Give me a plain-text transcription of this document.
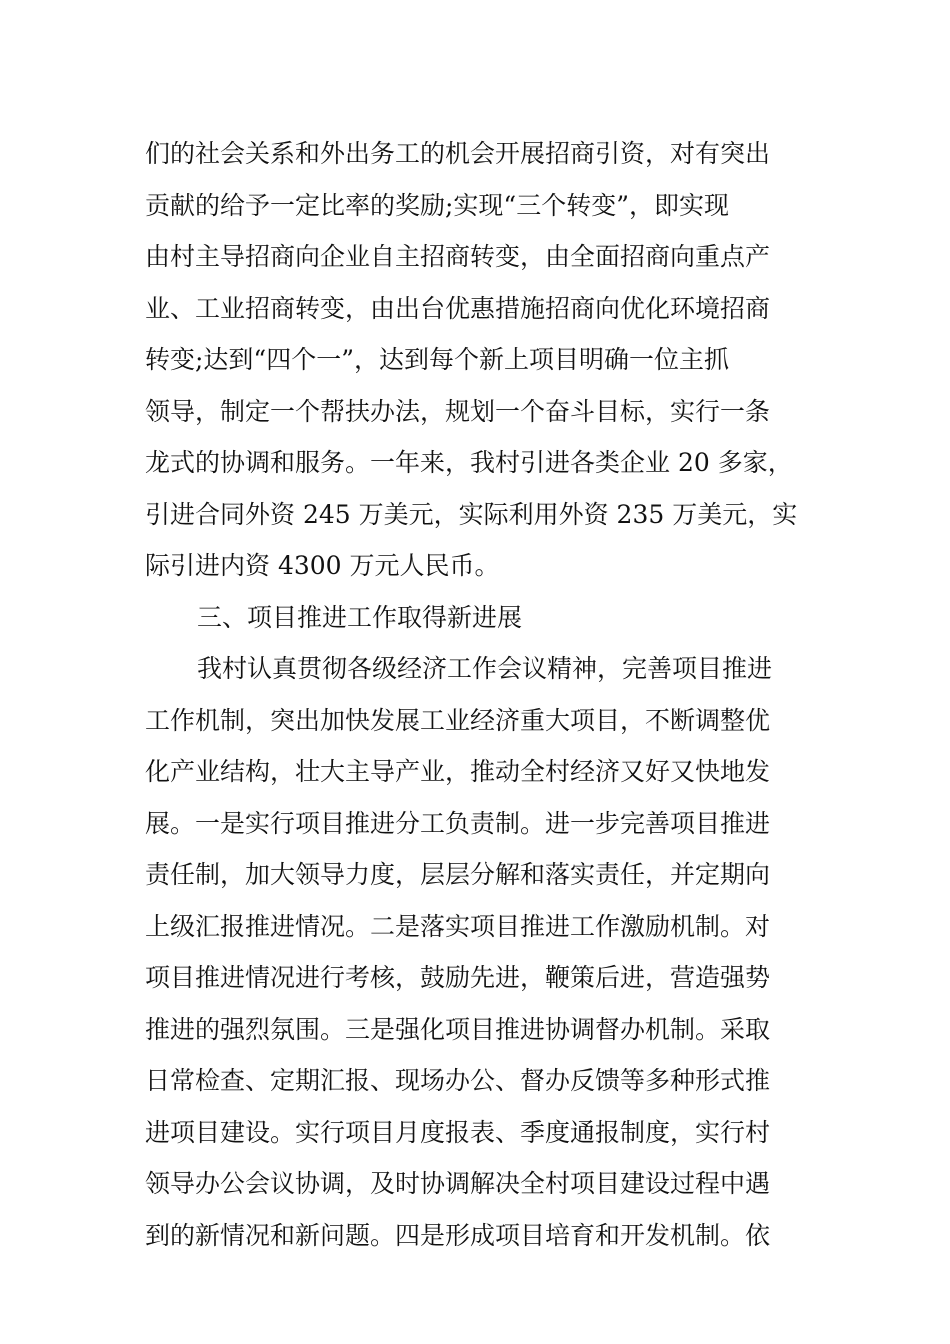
们的社会关系和外出务工的机会开展招商引资，对有突出
贡献的给予一定比率的奖励;实现“三个转变”，即实现
由村主导招商向企业自主招商转变，由全面招商向重点产
业、工业招商转变，由出台优惠措施招商向优化环境招商
转变;达到“四个一”，达到每个新上项目明确一位主抓
领导，制定一个帮扶办法，规划一个奋斗目标，实行一条
龙式的协调和服务。一年来，我村引进各类企业 20 多家，
引进合同外资 245 万美元，实际利用外资 235 万美元，实
际引进内资 4300 万元人民币。
三、项目推进工作取得新进展
我村认真贯彻各级经济工作会议精神，完善项目推进
工作机制，突出加快发展工业经济重大项目，不断调整优
化产业结构，壮大主导产业，推动全村经济又好又快地发
展。一是实行项目推进分工负责制。进一步完善项目推进
责任制，加大领导力度，层层分解和落实责任，并定期向
上级汇报推进情况。二是落实项目推进工作激励机制。对
项目推进情况进行考核，鼓励先进，鞭策后进，营造强势
推进的强烈氛围。三是强化项目推进协调督办机制。采取
日常检查、定期汇报、现场办公、督办反馈等多种形式推
进项目建设。实行项目月度报表、季度通报制度，实行村
领导办公会议协调，及时协调解决全村项目建设过程中遇
到的新情况和新问题。四是形成项目培育和开发机制。依
